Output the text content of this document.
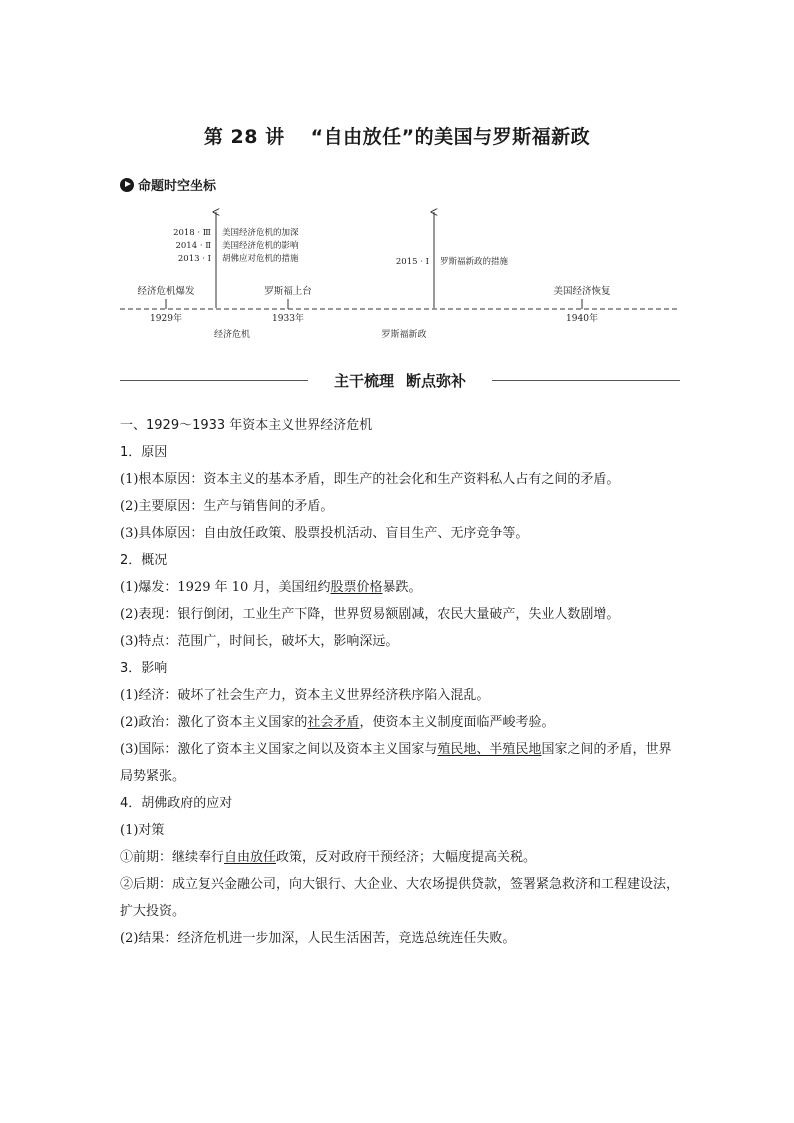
第 28 讲 “自由放任”的美国与罗斯福新政
命题时空坐标
2018 · Ⅲ
2014 · Ⅱ
2013 · Ⅰ
美国经济危机的加深
美国经济危机的影响
胡佛应对危机的措施	2015 · Ⅰ 罗斯福新政的措施
经济危机爆发	罗斯福上台	美国经济恢复
1929年	1933年	1940年
经济危机	罗斯福新政
主干梳理 断点弥补

一、1929～1933 年资本主义世界经济危机

1．原因

(1)根本原因：资本主义的基本矛盾，即生产的社会化和生产资料私人占有之间的矛盾。

(2)主要原因：生产与销售间的矛盾。

(3)具体原因：自由放任政策、股票投机活动、盲目生产、无序竞争等。

2．概况

(1)爆发：1929 年 10 月，美国纽约股票价格暴跌。

(2)表现：银行倒闭，工业生产下降，世界贸易额剧减，农民大量破产，失业人数剧增。

(3)特点：范围广，时间长，破坏大，影响深远。

3．影响

(1)经济：破坏了社会生产力，资本主义世界经济秩序陷入混乱。

(2)政治：激化了资本主义国家的社会矛盾，使资本主义制度面临严峻考验。

(3)国际：激化了资本主义国家之间以及资本主义国家与殖民地、半殖民地国家之间的矛盾，世界局势紧张。

4．胡佛政府的应对

(1)对策

①前期：继续奉行自由放任政策，反对政府干预经济；大幅度提高关税。

②后期：成立复兴金融公司，向大银行、大企业、大农场提供贷款，签署紧急救济和工程建设法，扩大投资。

(2)结果：经济危机进一步加深，人民生活困苦，竞选总统连任失败。
